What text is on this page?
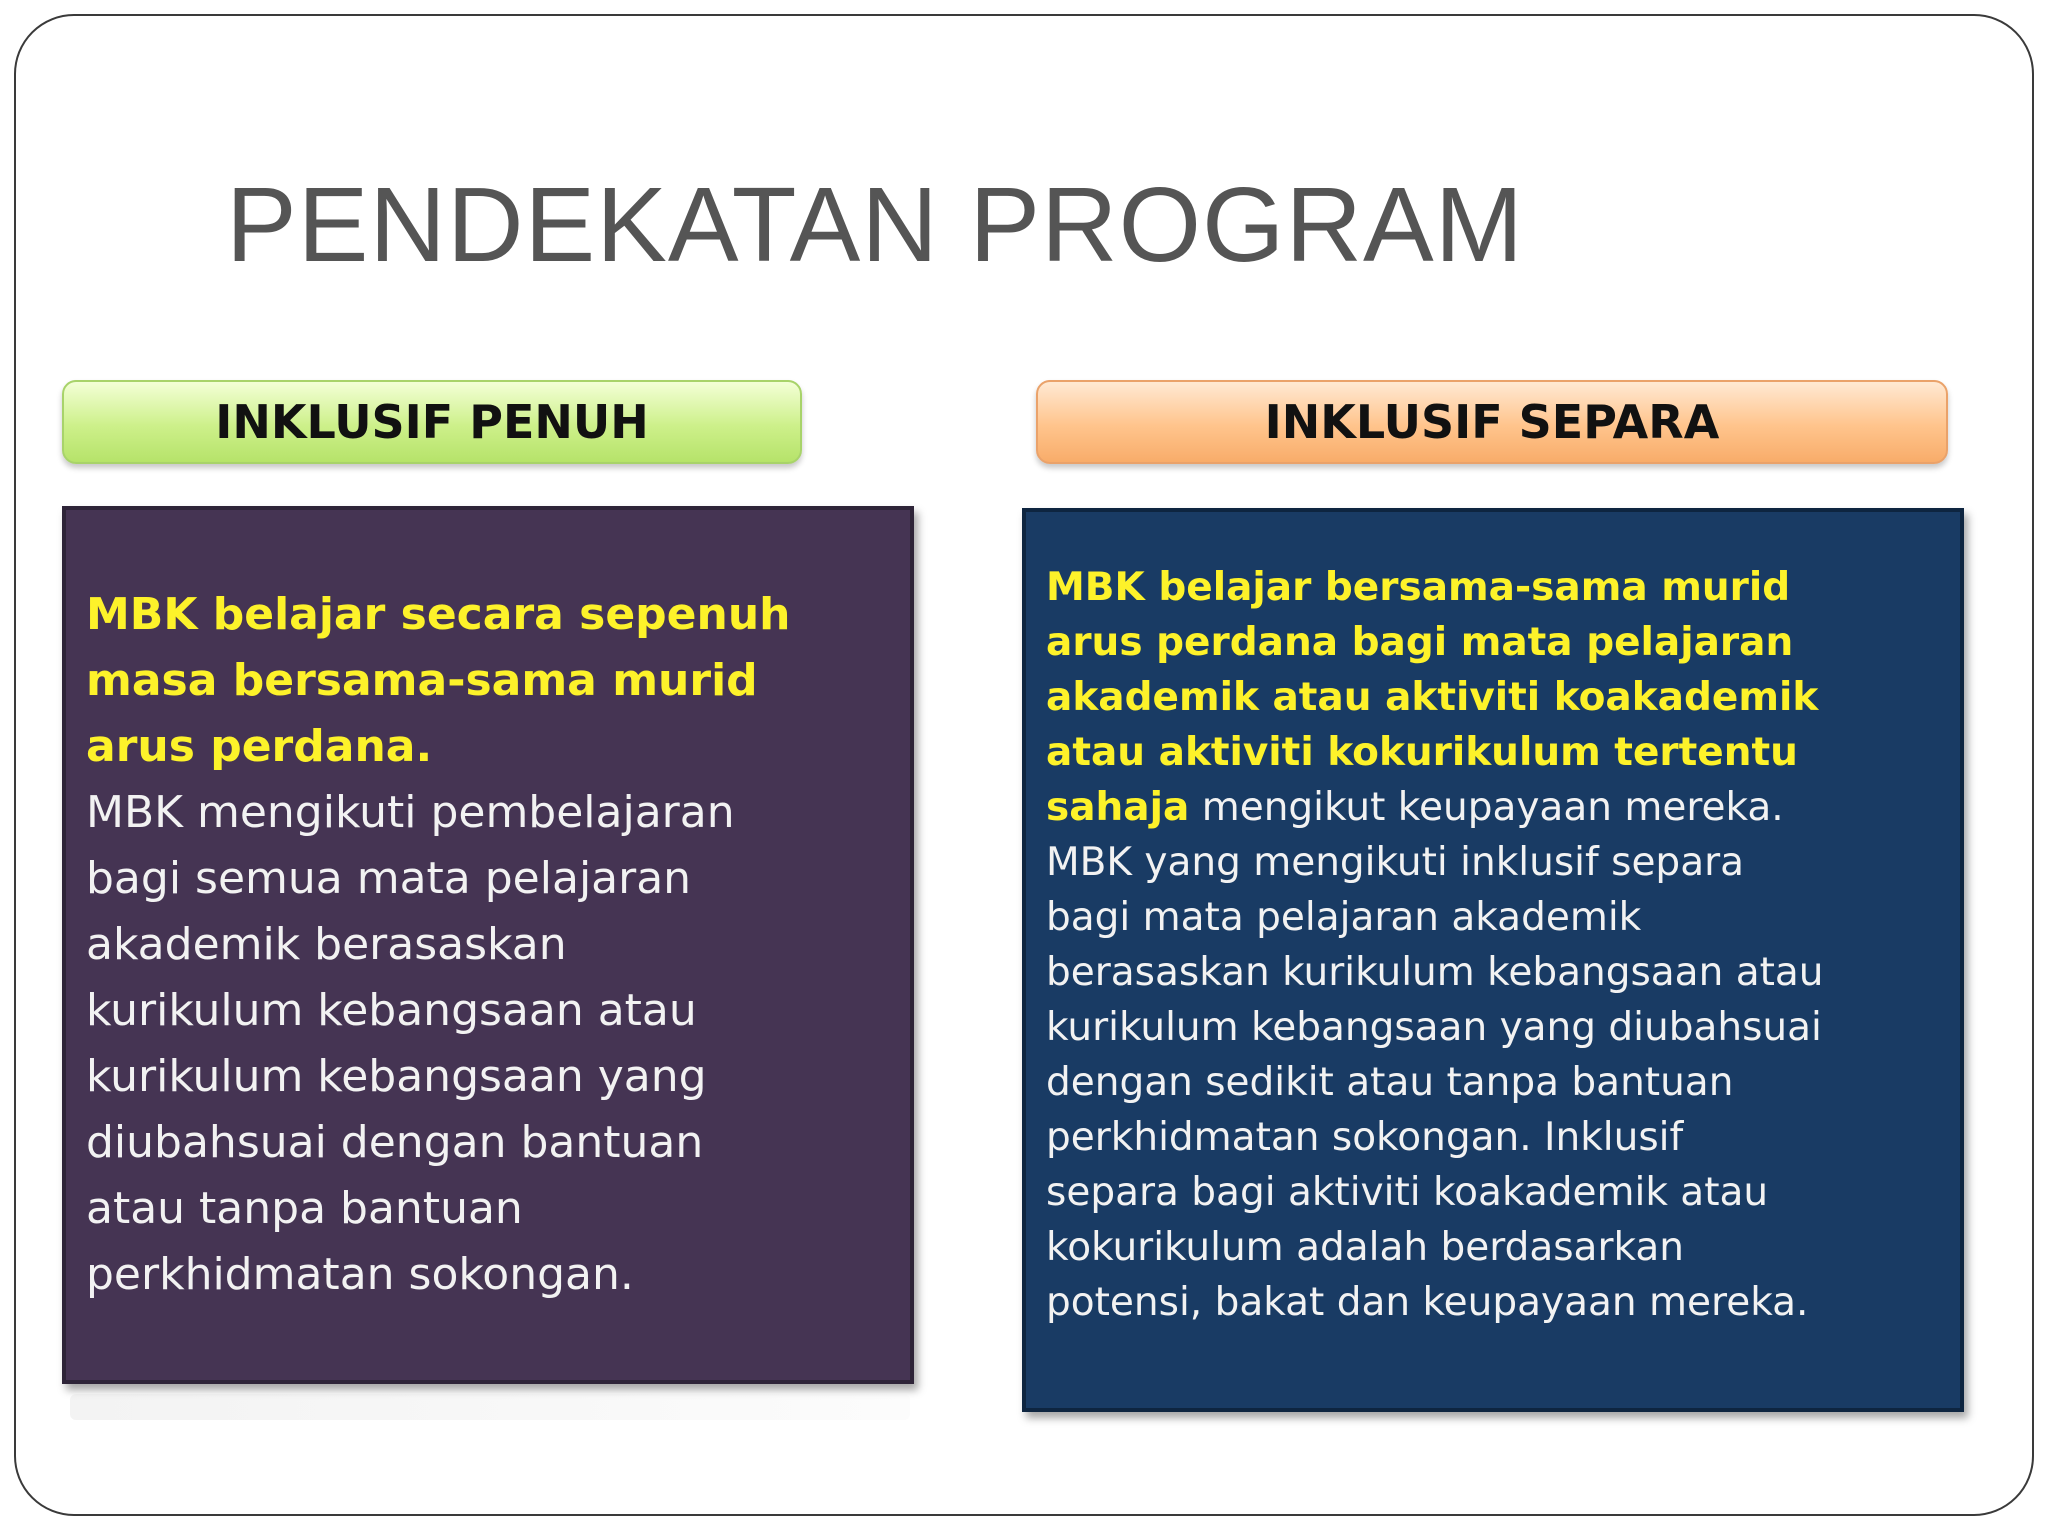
PENDEKATAN PROGRAM
INKLUSIF PENUH	INKLUSIF SEPARA
MBK belajar secara sepenuh
masa bersama-sama murid
arus perdana.
MBK mengikuti pembelajaran
bagi semua mata pelajaran
akademik berasaskan
kurikulum kebangsaan atau
kurikulum kebangsaan yang
diubahsuai dengan bantuan
atau tanpa bantuan
perkhidmatan sokongan.
MBK belajar bersama-sama murid
arus perdana bagi mata pelajaran
akademik atau aktiviti koakademik
atau aktiviti kokurikulum tertentu
sahaja mengikut keupayaan mereka.
MBK yang mengikuti inklusif separa
bagi mata pelajaran akademik
berasaskan kurikulum kebangsaan atau
kurikulum kebangsaan yang diubahsuai
dengan sedikit atau tanpa bantuan
perkhidmatan sokongan. Inklusif
separa bagi aktiviti koakademik atau
kokurikulum adalah berdasarkan
potensi, bakat dan keupayaan mereka.
